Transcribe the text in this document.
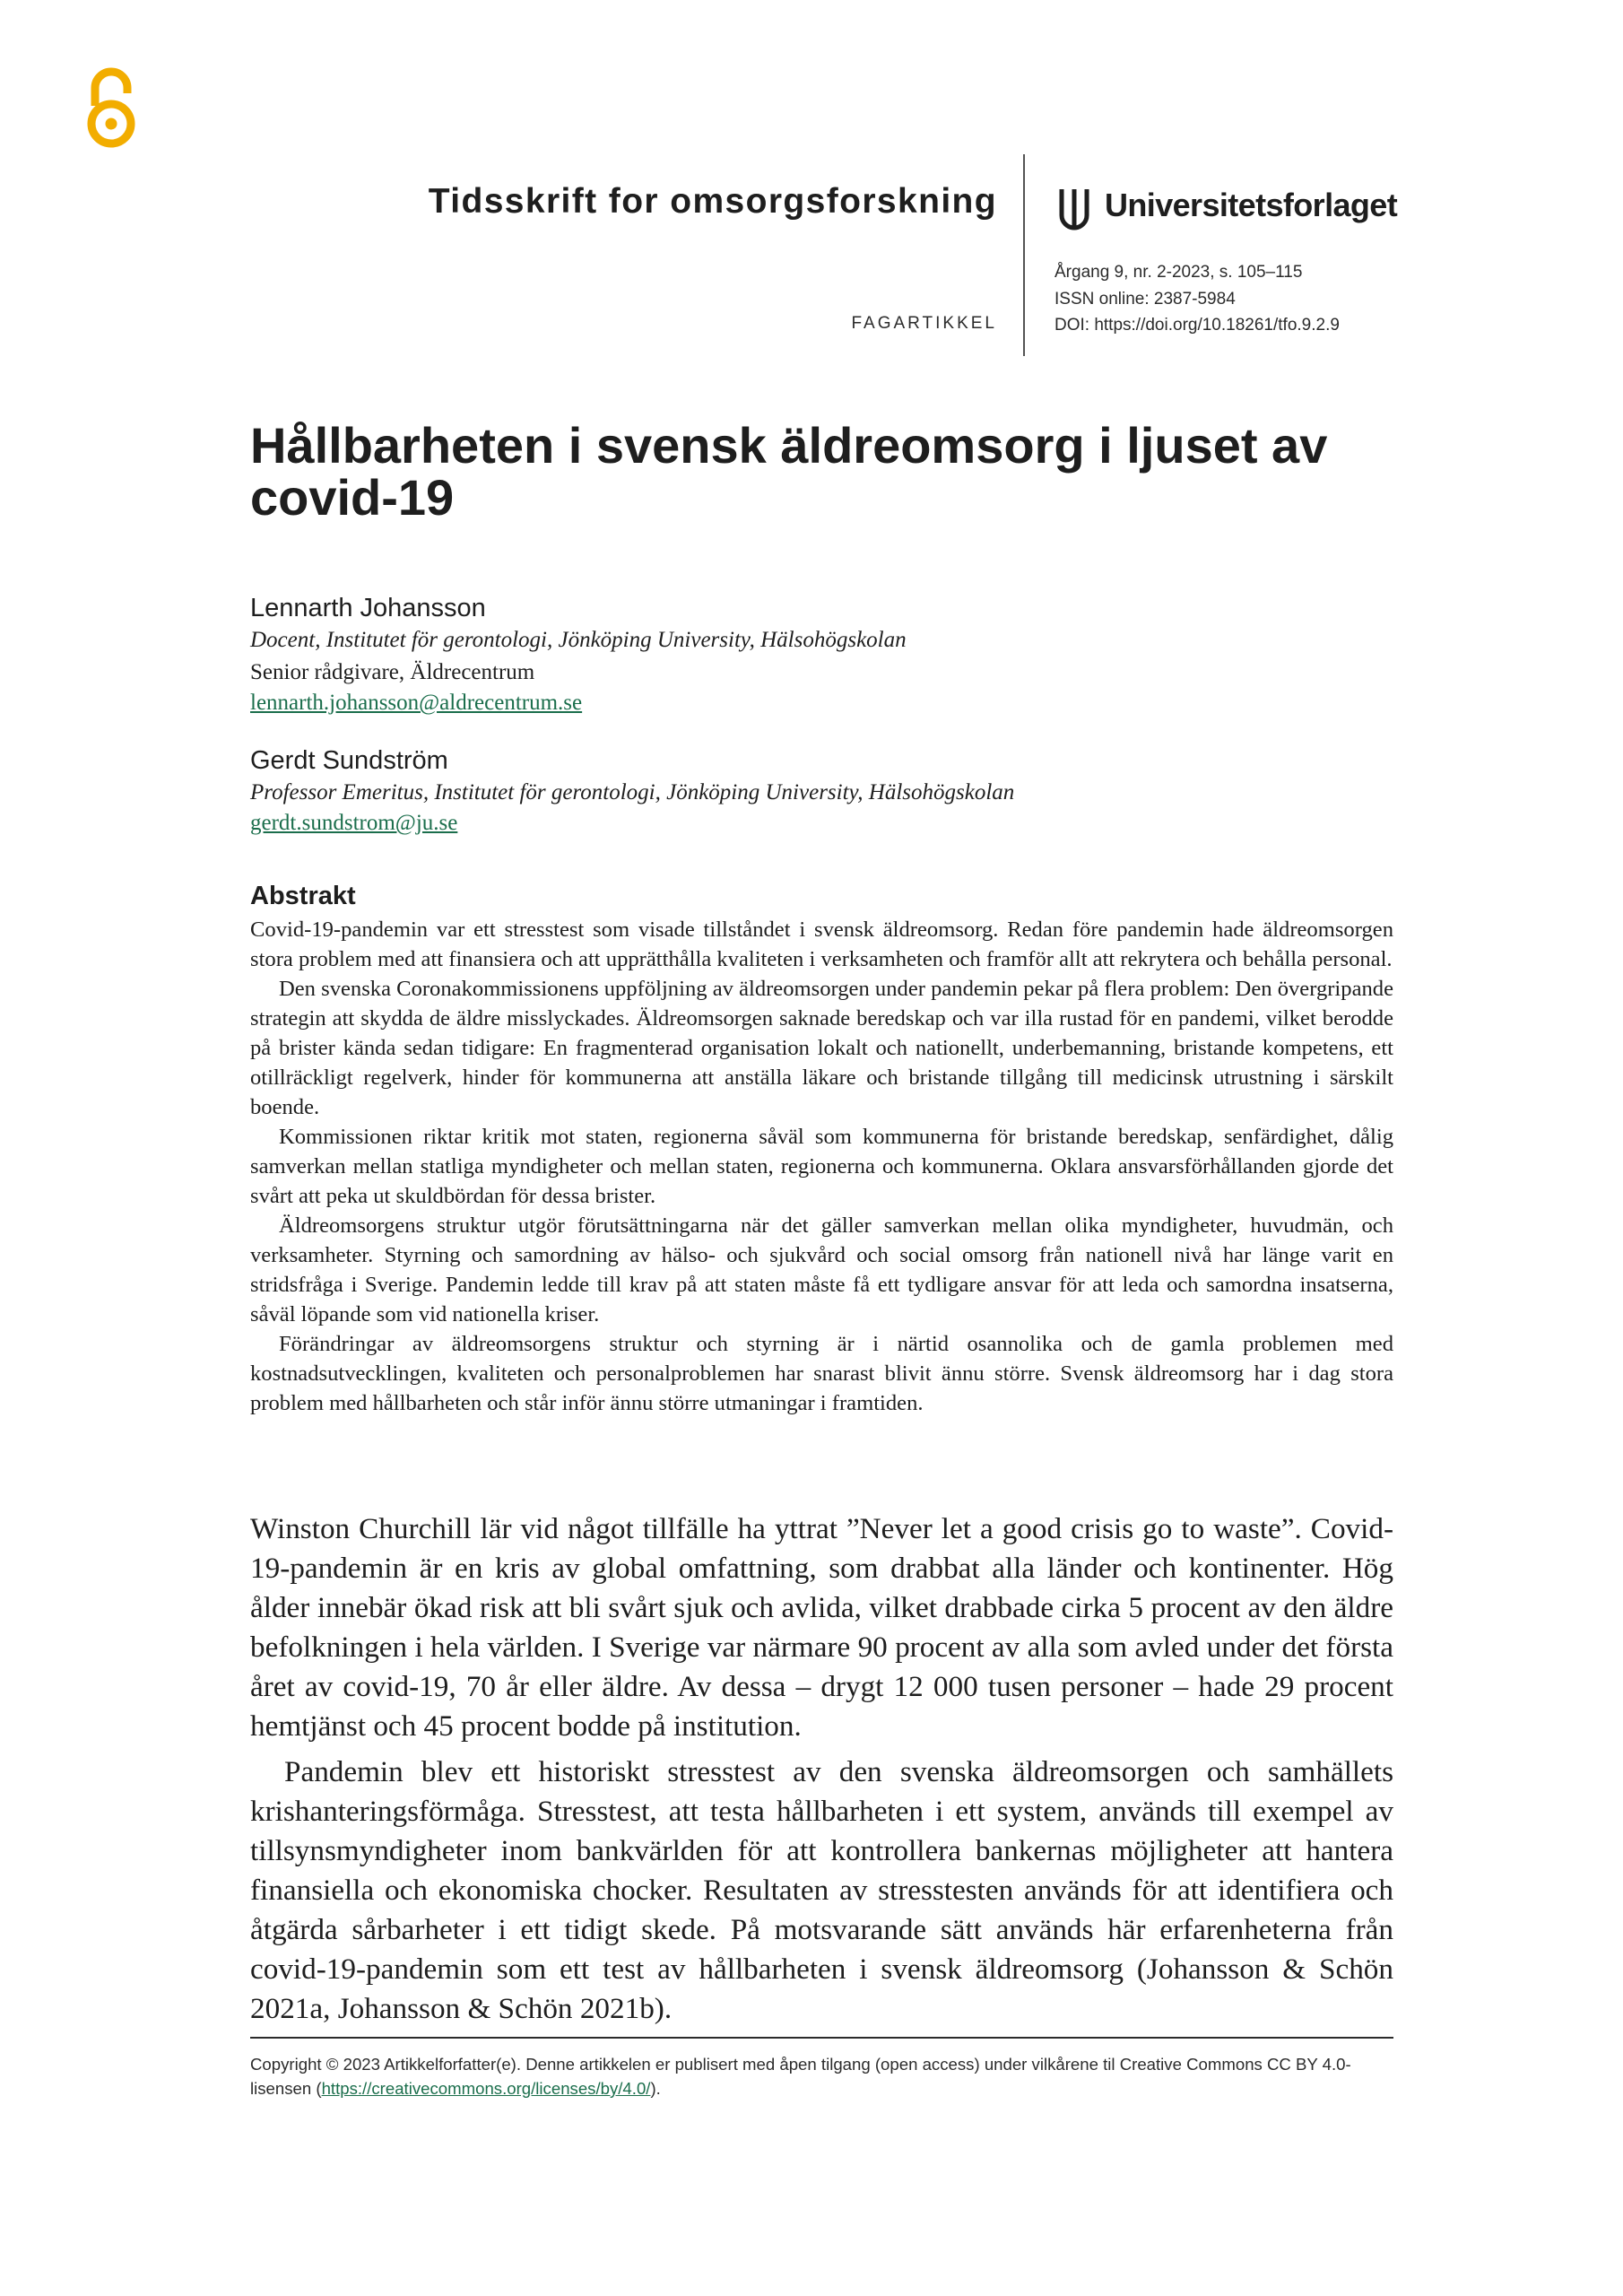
Tidsskrift for omsorgsforskning
FAGARTIKKEL
Universitetsforlaget
Årgang 9, nr. 2-2023, s. 105–115
ISSN online: 2387-5984
DOI: https://doi.org/10.18261/tfo.9.2.9
Hållbarheten i svensk äldreomsorg i ljuset av covid-19
Lennarth Johansson
Docent, Institutet för gerontologi, Jönköping University, Hälsohögskolan
Senior rådgivare, Äldrecentrum
lennarth.johansson@aldrecentrum.se
Gerdt Sundström
Professor Emeritus, Institutet för gerontologi, Jönköping University, Hälsohögskolan
gerdt.sundstrom@ju.se
Abstrakt

Covid-19-pandemin var ett stresstest som visade tillståndet i svensk äldreomsorg. Redan före pandemin hade äldreomsorgen stora problem med att finansiera och att upprätthålla kvaliteten i verksamheten och framför allt att rekrytera och behålla personal.

Den svenska Coronakommissionens uppföljning av äldreomsorgen under pandemin pekar på flera problem: Den övergripande strategin att skydda de äldre misslyckades. Äldreomsorgen saknade beredskap och var illa rustad för en pandemi, vilket berodde på brister kända sedan tidigare: En fragmenterad organisation lokalt och nationellt, underbemanning, bristande kompetens, ett otillräckligt regelverk, hinder för kommunerna att anställa läkare och bristande tillgång till medicinsk utrustning i särskilt boende.

Kommissionen riktar kritik mot staten, regionerna såväl som kommunerna för bristande beredskap, senfärdighet, dålig samverkan mellan statliga myndigheter och mellan staten, regionerna och kommunerna. Oklara ansvarsförhållanden gjorde det svårt att peka ut skuldbördan för dessa brister.

Äldreomsorgens struktur utgör förutsättningarna när det gäller samverkan mellan olika myndigheter, huvudmän, och verksamheter. Styrning och samordning av hälso- och sjukvård och social omsorg från nationell nivå har länge varit en stridsfråga i Sverige. Pandemin ledde till krav på att staten måste få ett tydligare ansvar för att leda och samordna insatserna, såväl löpande som vid nationella kriser.

Förändringar av äldreomsorgens struktur och styrning är i närtid osannolika och de gamla problemen med kostnadsutvecklingen, kvaliteten och personalproblemen har snarast blivit ännu större. Svensk äldreomsorg har i dag stora problem med hållbarheten och står inför ännu större utmaningar i framtiden.

Winston Churchill lär vid något tillfälle ha yttrat ”Never let a good crisis go to waste”. Covid-19-pandemin är en kris av global omfattning, som drabbat alla länder och kontinenter. Hög ålder innebär ökad risk att bli svårt sjuk och avlida, vilket drabbade cirka 5 procent av den äldre befolkningen i hela världen. I Sverige var närmare 90 procent av alla som avled under det första året av covid-19, 70 år eller äldre. Av dessa – drygt 12 000 tusen personer – hade 29 procent hemtjänst och 45 procent bodde på institution.

Pandemin blev ett historiskt stresstest av den svenska äldreomsorgen och samhällets krishanteringsförmåga. Stresstest, att testa hållbarheten i ett system, används till exempel av tillsynsmyndigheter inom bankvärlden för att kontrollera bankernas möjligheter att hantera finansiella och ekonomiska chocker. Resultaten av stresstesten används för att identifiera och åtgärda sårbarheter i ett tidigt skede. På motsvarande sätt används här erfarenheterna från covid-19-pandemin som ett test av hållbarheten i svensk äldreomsorg (Johansson & Schön 2021a, Johansson & Schön 2021b).

Copyright © 2023 Artikkelforfatter(e). Denne artikkelen er publisert med åpen tilgang (open access) under vilkårene til Creative Commons CC BY 4.0-lisensen (https://creativecommons.org/licenses/by/4.0/).
